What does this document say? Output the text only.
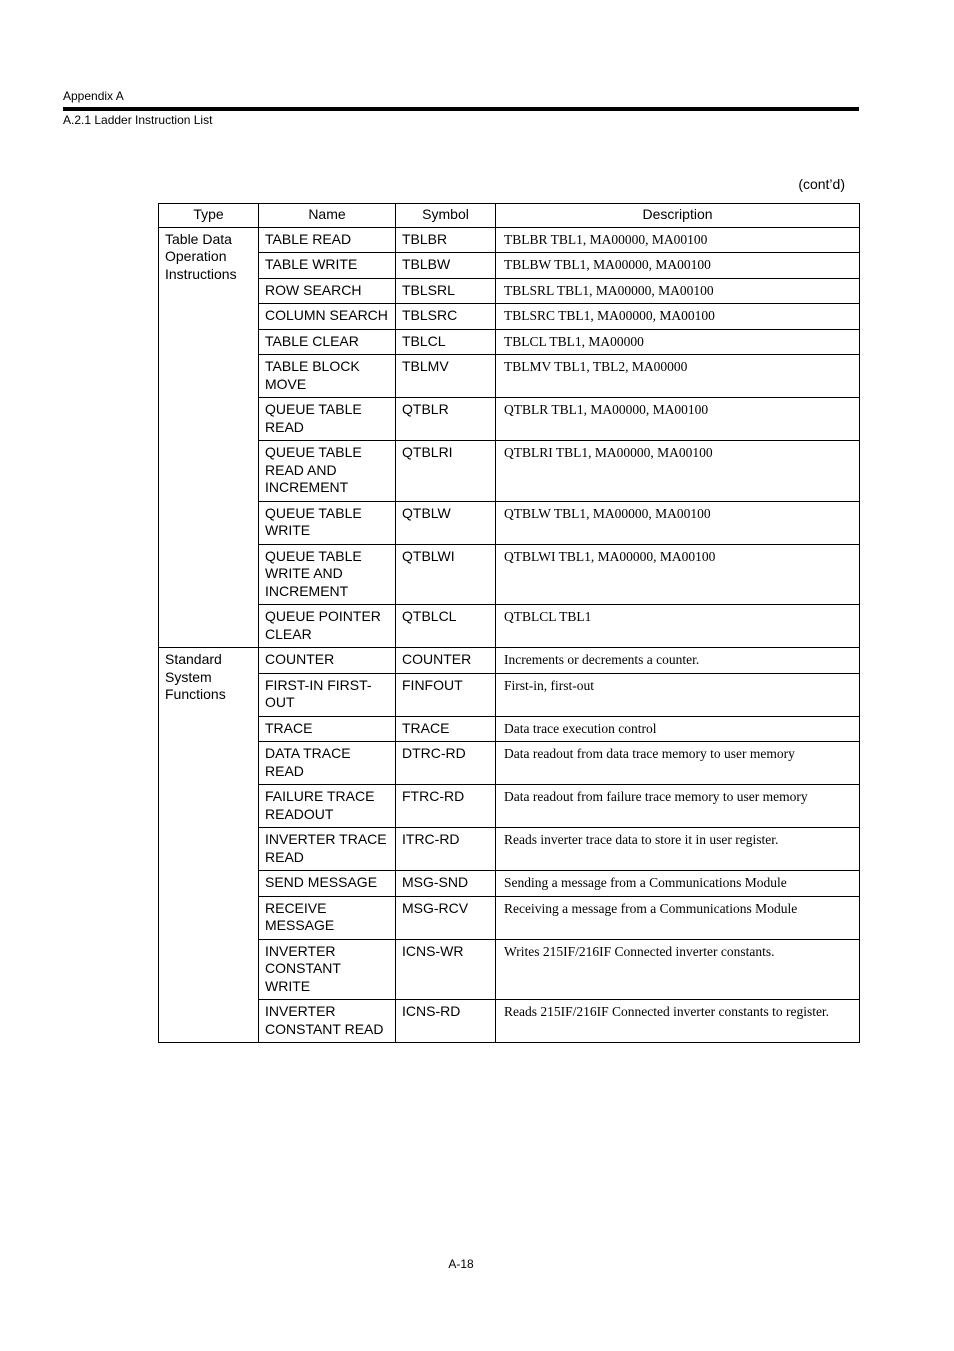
Appendix A
A.2.1 Ladder Instruction List
(cont’d)
Type	Name	Symbol	Description
Table Data Operation Instructions	TABLE READ	TBLBR	TBLBR TBL1, MA00000, MA00100
	TABLE WRITE	TBLBW	TBLBW TBL1, MA00000, MA00100
	ROW SEARCH	TBLSRL	TBLSRL TBL1, MA00000, MA00100
	COLUMN SEARCH	TBLSRC	TBLSRC TBL1, MA00000, MA00100
	TABLE CLEAR	TBLCL	TBLCL TBL1, MA00000
	TABLE BLOCK MOVE	TBLMV	TBLMV TBL1, TBL2, MA00000
	QUEUE TABLE READ	QTBLR	QTBLR TBL1, MA00000, MA00100
	QUEUE TABLE READ AND INCREMENT	QTBLRI	QTBLRI TBL1, MA00000, MA00100
	QUEUE TABLE WRITE	QTBLW	QTBLW TBL1, MA00000, MA00100
	QUEUE TABLE WRITE AND INCREMENT	QTBLWI	QTBLWI TBL1, MA00000, MA00100
	QUEUE POINTER CLEAR	QTBLCL	QTBLCL TBL1
Standard System Functions	COUNTER	COUNTER	Increments or decrements a counter.
	FIRST-IN FIRST-OUT	FINFOUT	First-in, first-out
	TRACE	TRACE	Data trace execution control
	DATA TRACE READ	DTRC-RD	Data readout from data trace memory to user memory
	FAILURE TRACE READOUT	FTRC-RD	Data readout from failure trace memory to user memory
	INVERTER TRACE READ	ITRC-RD	Reads inverter trace data to store it in user register.
	SEND MESSAGE	MSG-SND	Sending a message from a Communications Module
	RECEIVE MESSAGE	MSG-RCV	Receiving a message from a Communications Module
	INVERTER CONSTANT WRITE	ICNS-WR	Writes 215IF/216IF Connected inverter constants.
	INVERTER CONSTANT READ	ICNS-RD	Reads 215IF/216IF Connected inverter constants to register.
A-18
